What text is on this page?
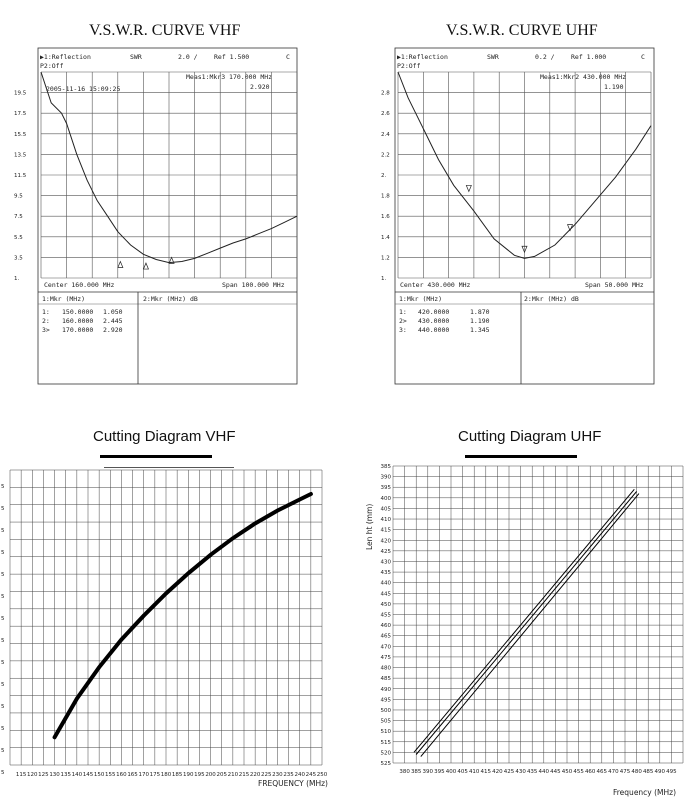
V.S.W.R. CURVE VHF	V.S.W.R. CURVE UHF
Cutting Diagram VHF	Cutting Diagram UHF
▶1:Reflection	SWR	2.0 /	Ref 1.500	C
P2:Off
Meas1:Mkr3 170.000 MHz
2.920
2005-11-16 15:09:25
1.
3.5
5.5
7.5
9.5
11.5
13.5
15.5
17.5
19.5
Center 160.000 MHz	Span 100.000 MHz
1:Mkr (MHz)	2:Mkr (MHz) dB
1: 150.0000 1.050
2: 160.0000 2.445
3> 170.0000 2.920
▶1:Reflection	SWR	0.2 /	Ref 1.000	C
P2:Off
Meas1:Mkr2 430.000 MHz
1.190
1.
1.2
1.4
1.6
1.8
2.
2.2
2.4
2.6
2.8
Center 430.000 MHz	Span 50.000 MHz
1:Mkr (MHz)	2:Mkr (MHz) dB
1: 420.0000	1.870
2> 430.0000	1.190
3: 440.0000	1.345
5
5
5
5
5
5
5
5
5
5
5
5
5
5 115 120 125 130 135 140 145 150 155 160 165 170 175 180 185 190 195 200 205 210 215 220 225 230 235 240 245 250
FREQUENCY (MHz)
385
390
395
400
405
410
415
420
425
430
435
440
445
450
455
460
465
470
475
480
485
490
495
500
505
510
515
520
525
380 385 390 395 400 405 410 415 420 425 430 435 440 445 450 455 460 465 470 475 480 485 490 495
Len ht (mm)
Frequency (MHz)
